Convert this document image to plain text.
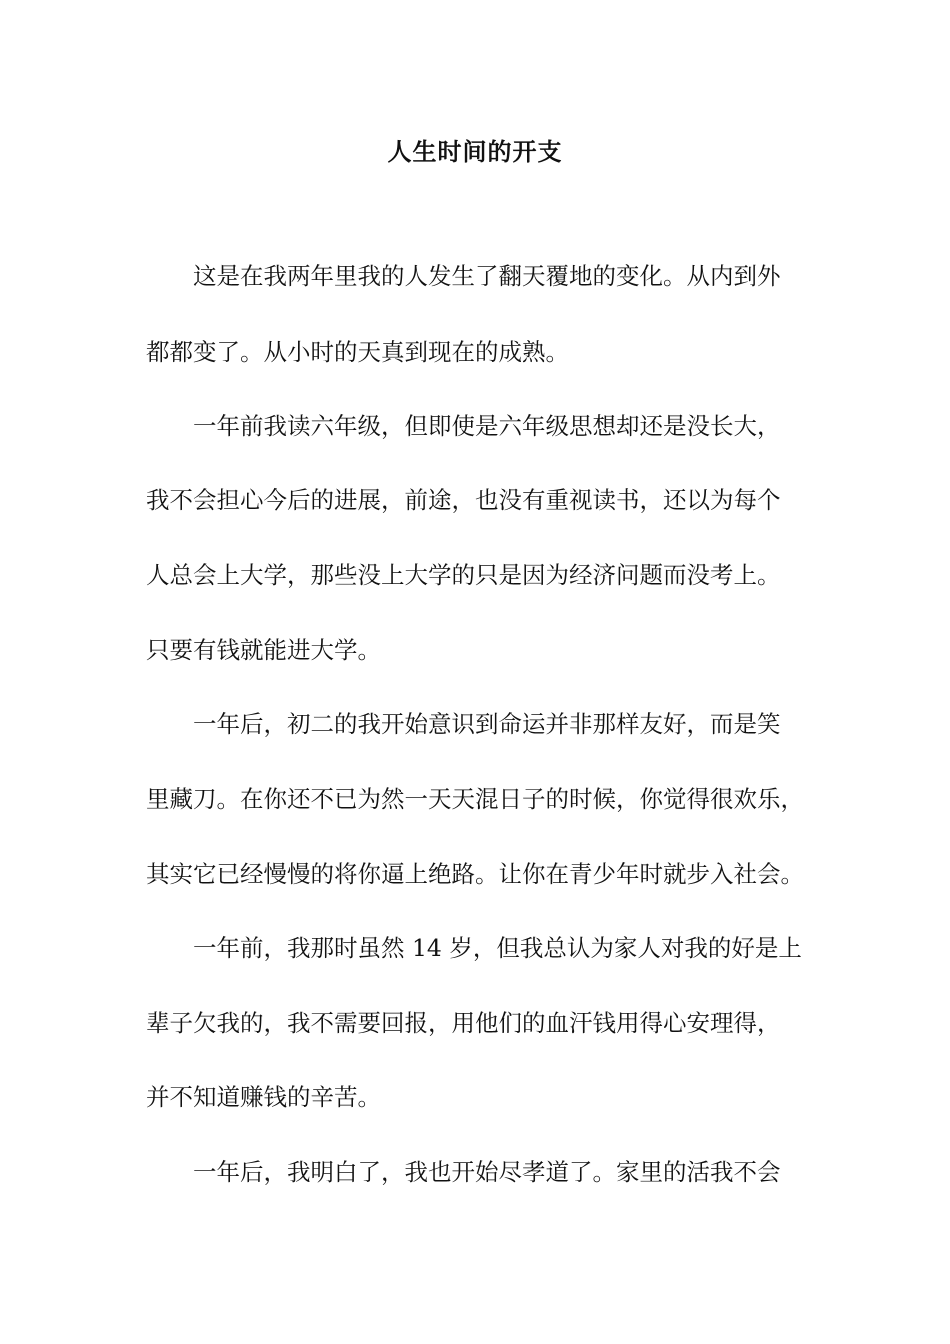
人生时间的开支

这是在我两年里我的人发生了翻天覆地的变化。从内到外

都都变了。从小时的天真到现在的成熟。

一年前我读六年级，但即使是六年级思想却还是没长大，

我不会担心今后的进展，前途，也没有重视读书，还以为每个

人总会上大学，那些没上大学的只是因为经济问题而没考上。

只要有钱就能进大学。

一年后，初二的我开始意识到命运并非那样友好，而是笑

里藏刀。在你还不已为然一天天混日子的时候，你觉得很欢乐，

其实它已经慢慢的将你逼上绝路。让你在青少年时就步入社会。

一年前，我那时虽然 14 岁，但我总认为家人对我的好是上

辈子欠我的，我不需要回报，用他们的血汗钱用得心安理得，

并不知道赚钱的辛苦。

一年后，我明白了，我也开始尽孝道了。家里的活我不会
